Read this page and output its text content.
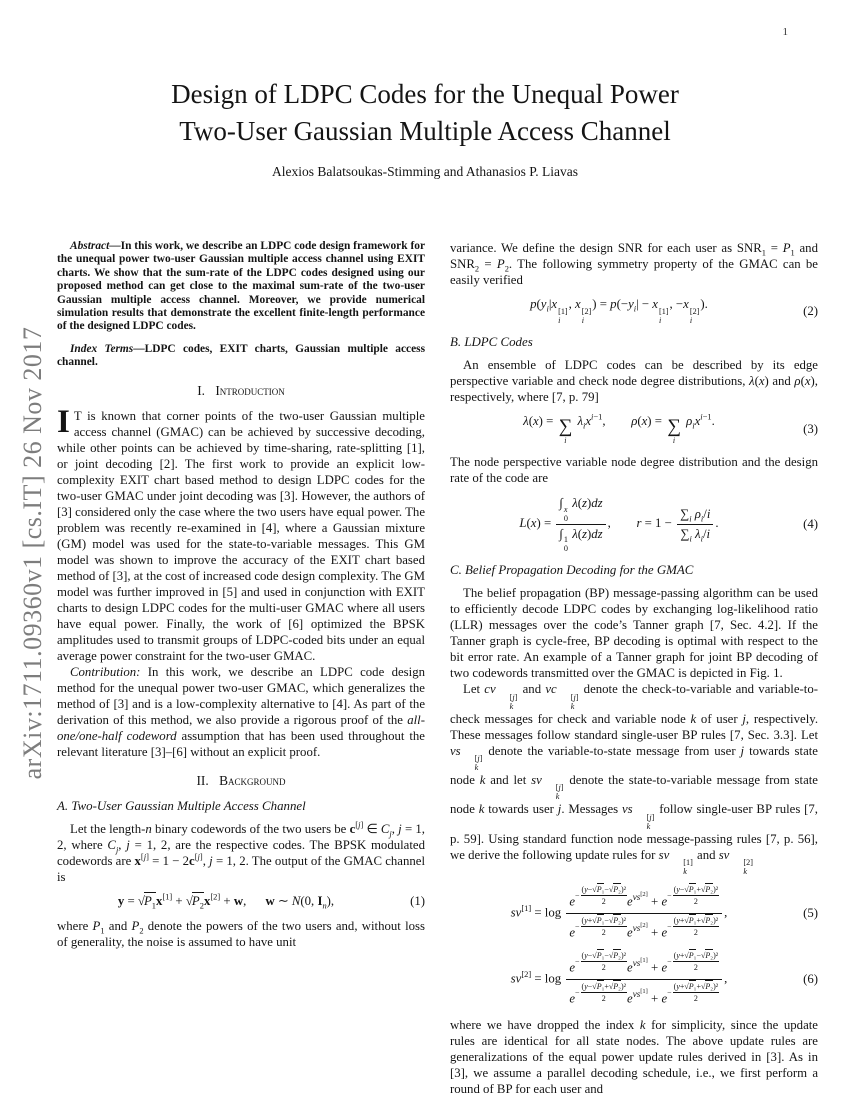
1
arXiv:1711.09360v1 [cs.IT] 26 Nov 2017
Design of LDPC Codes for the Unequal Power
Two-User Gaussian Multiple Access Channel
Alexios Balatsoukas-Stimming and Athanasios P. Liavas

Abstract—In this work, we describe an LDPC code design framework for the unequal power two-user Gaussian multiple access channel using EXIT charts. We show that the sum-rate of the LDPC codes designed using our proposed method can get close to the maximal sum-rate of the two-user Gaussian multiple access channel. Moreover, we provide numerical simulation results that demonstrate the excellent finite-length performance of the designed LDPC codes.

Index Terms—LDPC codes, EXIT charts, Gaussian multiple access channel.

I. Introduction

I T is known that corner points of the two-user Gaussian multiple access channel (GMAC) can be achieved by successive decoding, while other points can be achieved by time-sharing, rate-splitting [1], or joint decoding [2]. The first work to provide an explicit low-complexity EXIT chart based method to design LDPC codes for the two-user GMAC under joint decoding was [3]. However, the authors of [3] considered only the case where the two users have equal power. The problem was recently re-examined in [4], where a Gaussian mixture (GM) model was used for the state-to-variable messages. This GM model was shown to improve the accuracy of the EXIT chart based method of [3], at the cost of increased code design complexity. The GM model was further improved in [5] and used in conjunction with EXIT charts to design LDPC codes for the multi-user GMAC where all users have equal power. Finally, the work of [6] optimized the BPSK amplitudes used to transmit groups of LDPC-coded bits under an equal average power constraint for the two-user GMAC.

Contribution: In this work, we describe an LDPC code design method for the unequal power two-user GMAC, which generalizes the method of [3] and is a low-complexity alternative to [4]. As part of the derivation of this method, we also provide a rigorous proof of the all-one/one-half codeword assumption that has been used throughout the relevant literature [3]–[6] without an explicit proof.

II. Background
A. Two-User Gaussian Multiple Access Channel

Let the length-n binary codewords of the two users be c[j] ∈ $C_j$, j = 1, 2, where $C_j$, j = 1, 2, are the respective codes. The BPSK modulated codewords are x[j] = 1 − 2c[j], j = 1, 2. The output of the GMAC channel is

$y = √P_1x[1] + √P_2x[2] + w$,  w ∼ N(0, $I_n$),	(1)

where $P_1$ and $P_2$ denote the powers of the two users and, without loss of generality, the noise is assumed to have unit

variance. We define the design SNR for each user as $SNR_1 = P_1$ and $SNR_2 = P_2$. The following symmetry property of the GMAC can be easily verified

$p(y_i|x$
[1]
i
, x
[2]
i
) = $p(-y_i| - x$
[1]
i
, −x
[2]
i
).	(2)
B. LDPC Codes

An ensemble of LDPC codes can be described by its edge perspective variable and check node degree distributions, λ(x) and ρ(x), respectively, where [7, p. 79]

λ(x) = ∑
i
$\lambda_ix^{i-1}$,  ρ(x) = ∑
i
$\rho_ix^{i-1}$.
(3)

The node perspective variable node degree distribution and the design rate of the code are

L(x) = ∫ x
0
λ(z)dz
∫ 1
0
λ(z)dz ,  $r = 1 - \frac{\sum_i \rho_i/i}{\sum_i \lambda_i/i}$ .	(4)
C. Belief Propagation Decoding for the GMAC

The belief propagation (BP) message-passing algorithm can be used to efficiently decode LDPC codes by exchanging log-likelihood ratio (LLR) messages over the code’s Tanner graph [7, Sec. 4.2]. If the Tanner graph is cycle-free, BP decoding is optimal with respect to the bit error rate. An example of a Tanner graph for joint BP decoding of two codewords transmitted over the GMAC is depicted in Fig. 1.

Let cv
[j]
k
and vc
[j]
k
denote the check-to-variable and variable-to-check messages for check and variable node k of user j, respectively. These messages follow standard single-user BP rules [7, Sec. 3.3]. Let vs
[j]
k
denote the variable-to-state message from user j towards state node k and let sv
[j]
k
denote the state-to-variable message from state node k towards user j. Messages vs
[j]
k
follow single-user BP rules [7, p. 59]. Using standard function node message-passing rules [7, p. 56], we derive the following update rules for sv
[1]
k
and sv
[2]
k

sv[1] = log e−
(y−√P₁−√P₂)²
2 $e^{vs^{[2]}} + e-$
(y−√P₁+√P₂)²
2
e−
(y+√P₁−√P₂)²
2 $e^{vs^{[2]}} + e-$
(y+√P₁+√P₂)²
2 ,	(5)
sv[2] = log e−
(y−√P₁−√P₂)²
2 $e^{vs^{[1]}} + e-$
(y+√P₁−√P₂)²
2
e−
(y−√P₁+√P₂)²
2 $e^{vs^{[1]}} + e-$
(y+√P₁+√P₂)²
2 ,	(6)

where we have dropped the index k for simplicity, since the update rules are identical for all state nodes. The above update rules are generalizations of the equal power update rules derived in [3]. As in [3], we assume a parallel decoding schedule, i.e., we first perform a round of BP for each user and
